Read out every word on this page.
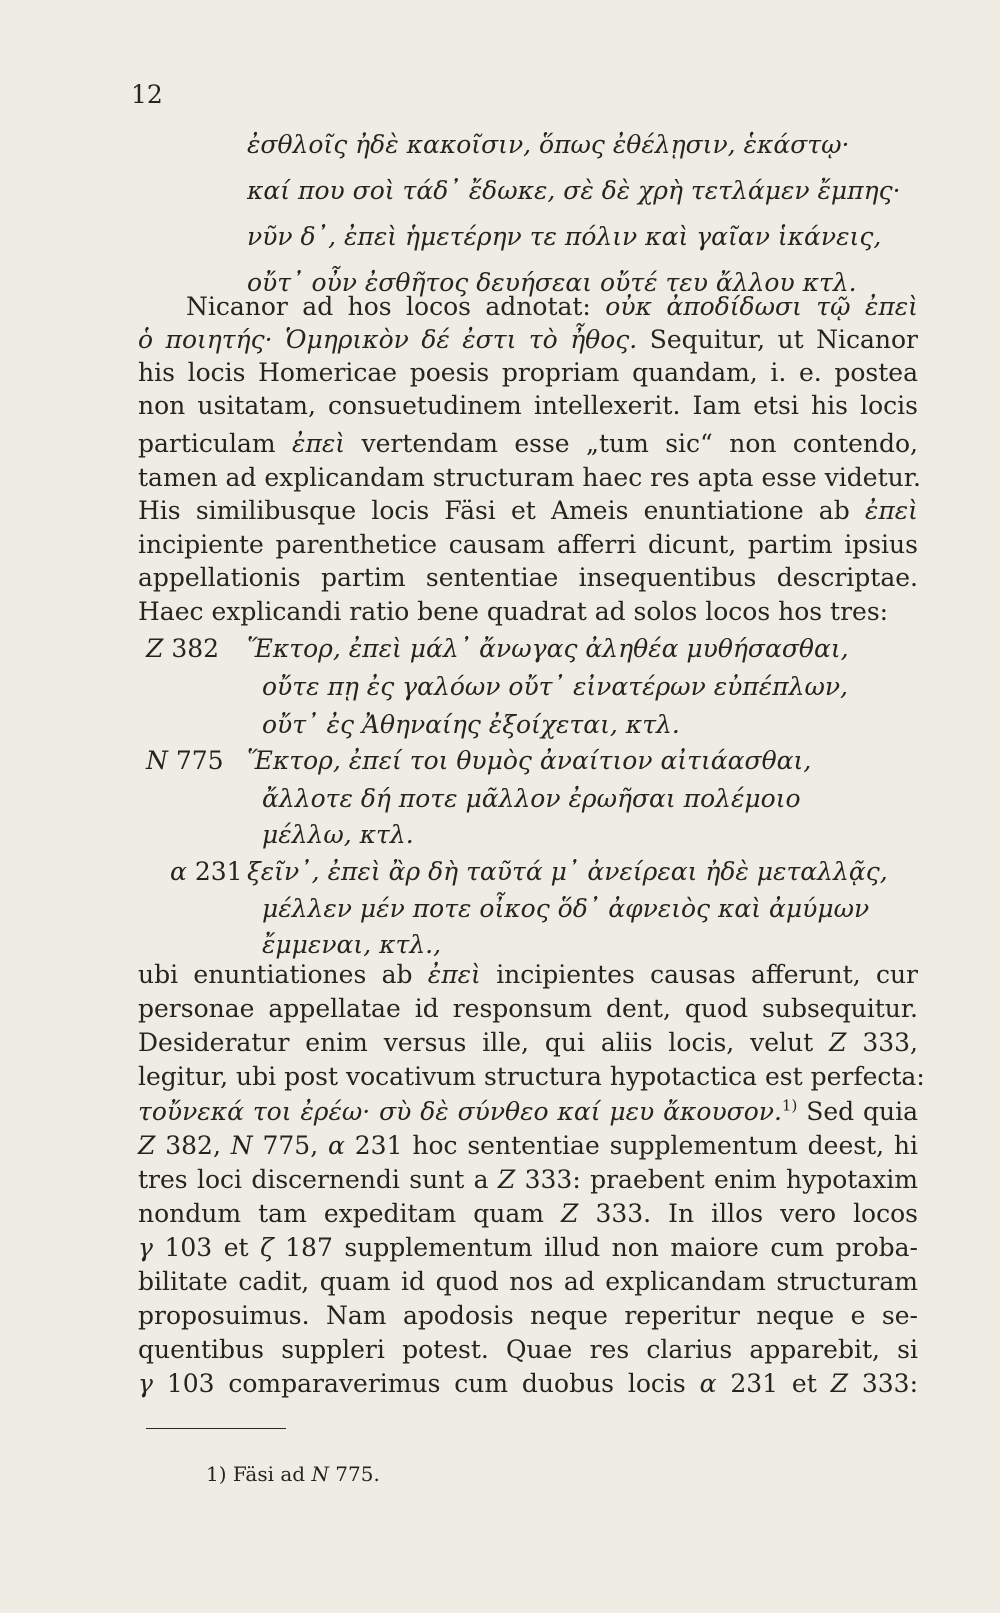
12
ἐσθλοῖς ἠδὲ κακοῖσιν, ὅπως ἐθέλῃσιν, ἑκάστῳ·
καί που σοὶ τάδ᾽ ἔδωκε, σὲ δὲ χρὴ τετλάμεν ἔμπης·
νῦν δ᾽, ἐπεὶ ἡμετέρην τε πόλιν καὶ γαῖαν ἱκάνεις,
οὔτ᾽ οὖν ἐσθῆτος δευήσεαι οὔτέ τευ ἄλλου κτλ.
Nicanor ad hos locos adnotat: οὐκ ἀποδίδωσι τῷ ἐπεὶ
ὁ ποιητής· Ὁμηρικὸν δέ ἐστι τὸ ἦθος. Sequitur, ut Nicanor
his locis Homericae poesis propriam quandam, i. e. postea
non usitatam, consuetudinem intellexerit. Iam etsi his locis
particulam ἐπεὶ vertendam esse „tum sic“ non contendo,
tamen ad explicandam structuram haec res apta esse videtur.
His similibusque locis Fäsi et Ameis enuntiatione ab ἐπεὶ
incipiente parenthetice causam afferri dicunt, partim ipsius
appellationis partim sententiae insequentibus descriptae.
Haec explicandi ratio bene quadrat ad solos locos hos tres:
Z 382 Ἕκτορ, ἐπεὶ μάλ᾽ ἄνωγας ἀληθέα μυθήσασθαι,
οὔτε πῃ ἐς γαλόων οὔτ᾽ εἰνατέρων εὐπέπλων,
οὔτ᾽ ἐς Ἀθηναίης ἐξοίχεται, κτλ.
N 775 Ἕκτορ, ἐπεί τοι θυμὸς ἀναίτιον αἰτιάασθαι,
ἄλλοτε δή ποτε μᾶλλον ἐρωῆσαι πολέμοιο
μέλλω, κτλ.
α 231 ξεῖν᾽, ἐπεὶ ἂρ δὴ ταῦτά μ᾽ ἀνείρεαι ἠδὲ μεταλλᾷς,
μέλλεν μέν ποτε οἶκος ὅδ᾽ ἀφνειὸς καὶ ἀμύμων
ἔμμεναι, κτλ.,
ubi enuntiationes ab ἐπεὶ incipientes causas afferunt, cur
personae appellatae id responsum dent, quod subsequitur.
Desideratur enim versus ille, qui aliis locis, velut Z 333,
legitur, ubi post vocativum structura hypotactica est perfecta:
τοὔνεκά τοι ἐρέω· σὺ δὲ σύνθεο καί μευ ἄκουσον.$^{1)}$ Sed quia
Z 382, N 775, α 231 hoc sententiae supplementum deest, hi
tres loci discernendi sunt a Z 333: praebent enim hypotaxim
nondum tam expeditam quam Z 333. In illos vero locos
γ 103 et ζ 187 supplementum illud non maiore cum proba-
bilitate cadit, quam id quod nos ad explicandam structuram
proposuimus. Nam apodosis neque reperitur neque e se-
quentibus suppleri potest. Quae res clarius apparebit, si
γ 103 comparaverimus cum duobus locis α 231 et Z 333:
1) Fäsi ad N 775.
